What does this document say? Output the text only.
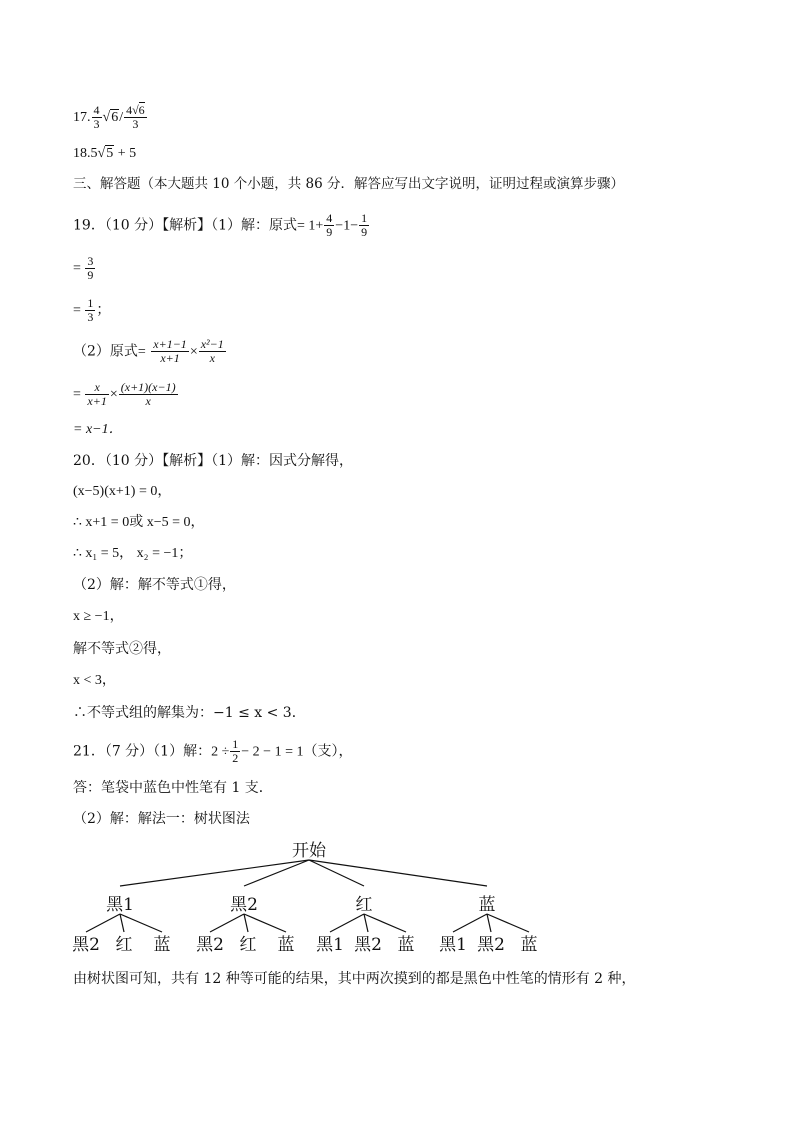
17. $\frac{4}{3} √6/ \frac{4√6}{3}$
18.5√5 + 5
三、解答题（本大题共 10 个小题，共 86 分．解答应写出文字说明，证明过程或演算步骤）
19．（10 分）【解析】（1）解：原式= $1+ \frac{4}{9} -1- \frac{1}{9}$
= $\frac{3}{9}$
= $\frac{1}{3}$ ；
（2）原式= $\frac{x+1-1}{x+1} \times \frac{\text{x²−1}}{x}$
= $\frac{x}{x+1} \times \frac{(x+1)(x-1)}{x}$
= x−1．
20．（10 分）【解析】（1）解：因式分解得，
(x−5)(x+1) = 0，
∴ x+1 = 0或 x−5 = 0，
∴ x₁ = 5， x₂ = −1；
（2）解：解不等式①得，
x ≥ −1，
解不等式②得，
x < 3，
∴不等式组的解集为：−1 ≤ x < 3．
21．（7 分）（1）解：$2 \div \frac{1}{2} - 2 - 1 = 1$（支），
答：笔袋中蓝色中性笔有 1 支．
（2）解：解法一：树状图法
开始
黑1
黑2 红 蓝
黑2
黑2 红 蓝
红
黑1 黑2 蓝
蓝
黑1 黑2 蓝
由树状图可知，共有 12 种等可能的结果，其中两次摸到的都是黑色中性笔的情形有 2 种，
